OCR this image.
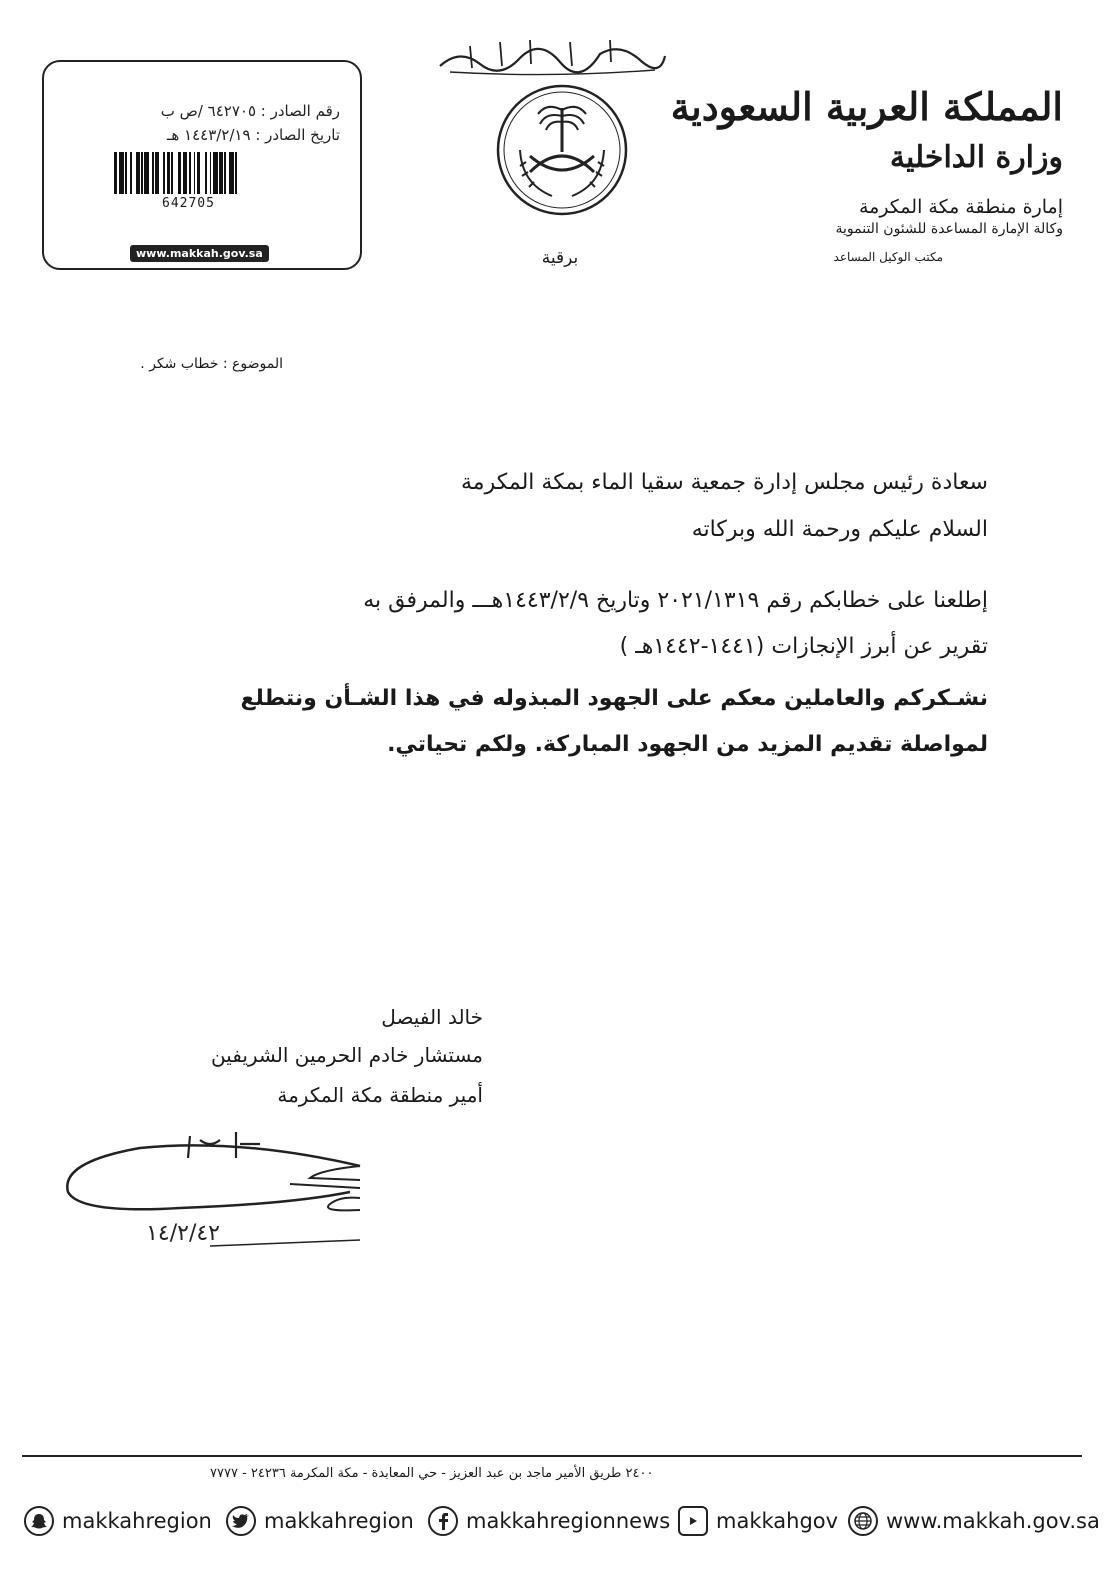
رقم الصادر : ٦٤٢٧٠٥ /ص ب
تاريخ الصادر : ١٤٤٣/٢/١٩ هـ
642705
www.makkah.gov.sa	برقية
المملكة العربية السعودية
وزارة الداخلية
إمارة منطقة مكة المكرمة
وكالة الإمارة المساعدة للشئون التنموية
مكتب الوكيل المساعد
الموضوع : خطاب شكر .
سعادة رئيس مجلس إدارة جمعية سقيا الماء بمكة المكرمة
السلام عليكم ورحمة الله وبركاته
إطلعنا على خطابكم رقم ٢٠٢١/١٣١٩ وتاريخ ١٤٤٣/٢/٩هـــ والمرفق به
تقرير عن أبرز الإنجازات (١٤٤١-١٤٤٢هـ )
نشـكركم والعاملين معكم على الجهود المبذوله في هذا الشـأن ونتطلع
لمواصلة تقديم المزيد من الجهود المباركة. ولكم تحياتي.
خالد الفيصل
مستشار خادم الحرمين الشريفين
أمير منطقة مكة المكرمة
١٤/٢/٤٢
٢٤٠٠ طريق الأمير ماجد بن عبد العزيز - حي المعابدة - مكة المكرمة ٢٤٢٣٦ - ٧٧٧٧
makkahregion makkahregion makkahregionnews makkahgov www.makkah.gov.sa
